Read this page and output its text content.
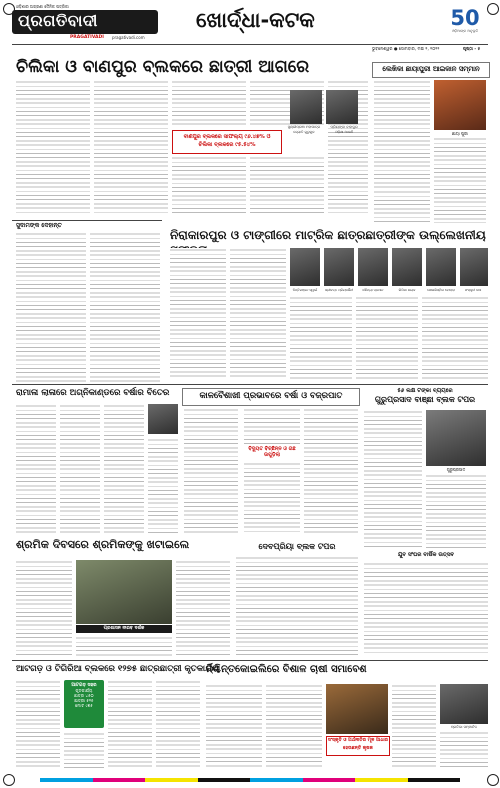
ଓଡ଼ିଶାର ଅଗ୍ରଣୀ ଦୈନିକ ପତ୍ରିକା
ପ୍ରଗତିବାଦୀ
PRAGATIVADI pragativadi.com
ଖୋର୍ଦ୍ଧା-କଟକ	50
ଓଡ଼ିଆଙ୍କ ଅନୁଭୂତି
ଭୁବନେଶ୍ୱର ● ସୋମବାର, ମଇ ୨, ୨୦୨୨	ପୃଷ୍ଠା - ୫
ଚିଲିକା ଓ ବାଣପୁର ବ୍ଲକରେ ଛାତ୍ରୀ ଆଗରେ
ସୁଶ୍ରୀପ୍ରଜ୍ଞା ମହାପାତ୍ର
ଜ୍ୟୋତି ଗୁରୁକୁଳ
ପ୍ରିୟଙ୍କା ବାହାଦୁର
ଓଡ଼ିଶା ଆଦର୍ଶ
ବାଣପୁର ବ୍ଲକରେ ସାଫଲ୍ୟ ୯୬.୪୭% ଓ ଚିଲିକା ବ୍ଲକରେ ୯୫.୫୪%
ଲେଖିକା ଛାୟାପୁରୀ ଆଇକାନ ସମ୍ମାନ
ଛାୟା ପୁରୀ
ସୁଦାମଙ୍କ ଦେହାନ୍ତ
ନିରାକାରପୁର ଓ ଟାଙ୍ଗୀରେ ମାଟ୍ରିକ ଛାତ୍ରଛାତ୍ରୀଙ୍କ ଉଲ୍ଲେଖନୀୟ
ଦିପ୍ତିରଞ୍ଜନ ସ୍ୱାଇଁ	ଶ୍ରୀଦତ୍ତ ପ୍ରିୟଦର୍ଶିନୀ	ସୌମ୍ୟା ପ୍ରଧାନ	ଲିପିକା ନାୟକ	ସୋନାଲିସ୍ମିତା ବେହେରା	ସଂସ୍କୃତୀ ଦାସ
ରାମାଳା ଲାଳାରେ ଅଗ୍ନିକାଣ୍ଡରେ ବର୍ଷାର ବିତେର	କାଳବୈଶାଖୀ ପ୍ରଭାବରେ ବର୍ଷା ଓ ବଜ୍ରପାତ
ବିଦ୍ୟୁତ ବିଚ୍ଛିନ୍ନ ଓ ଗଛ ଉପୁଡ଼ିଲା
୫୬ ଲକ୍ଷ ଟଙ୍କା ବ୍ୟୟରେ
ଗୁରୁପ୍ରସାଦ ବାଞ୍ଛା ବ୍ଲକ ଟପର
ଗୁରୁପ୍ରସାଦ
ଶ୍ରମିକ ଦିବସରେ ଶ୍ରମିକଙ୍କୁ ଖଟାଇଲେ
ପ୍ରଶାସନ ନୀରବ ଦର୍ଶକ
ଦେବପ୍ରିୟା ବ୍ଲକ ଟପର
ଯୁବ ସଂଘର ବାର୍ଷିକ ଉତ୍ସବ
ଆଟଗଡ଼ ଓ ଟିଗିରିଆ ବ୍ଲକରେ ୧୨୭୫ ଛାତ୍ରଛାତ୍ରୀ କୃତକାର୍ଯ୍ୟ
ଆଟଗଡ଼ ସହର
କୃତକାର୍ଯ୍ୟ
ଛାତ୍ର ୪୫୦
ଛାତ୍ରୀ ୫୨୫
ମୋଟ ୯୭୫
ନିଶ୍ଚିନ୍ତକୋଇଲିରେ ବିଶାଳ ଚାଷୀ ସମାବେଶ
ସଂସ୍କୃତି ଓ ଅର୍ଥନୀତିର ମୂଳ ଆଧାର ହେଉଛନ୍ତି କୃଷକ
ପ୍ରତିଭା ସମ୍ମାନିତ
